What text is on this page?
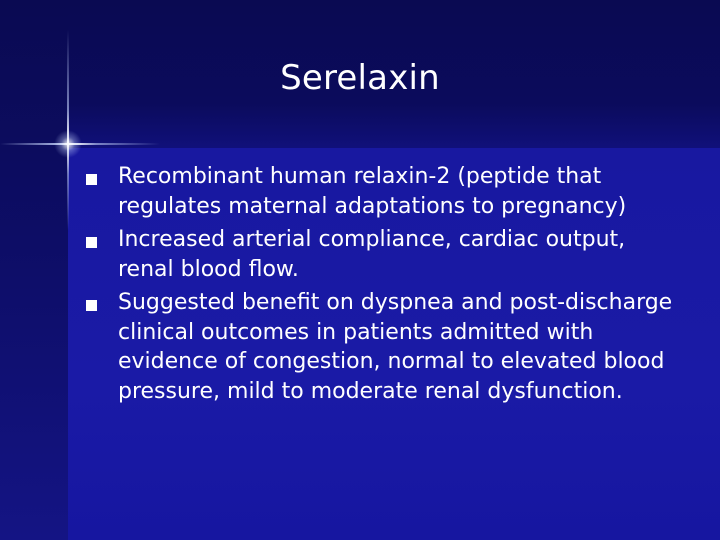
Serelaxin
Recombinant human relaxin-2 (peptide that regulates maternal adaptations to pregnancy)
Increased arterial compliance, cardiac output, renal blood flow.
Suggested benefit on dyspnea and post-discharge clinical outcomes in patients admitted with evidence of congestion, normal to elevated blood pressure, mild to moderate renal dysfunction.
